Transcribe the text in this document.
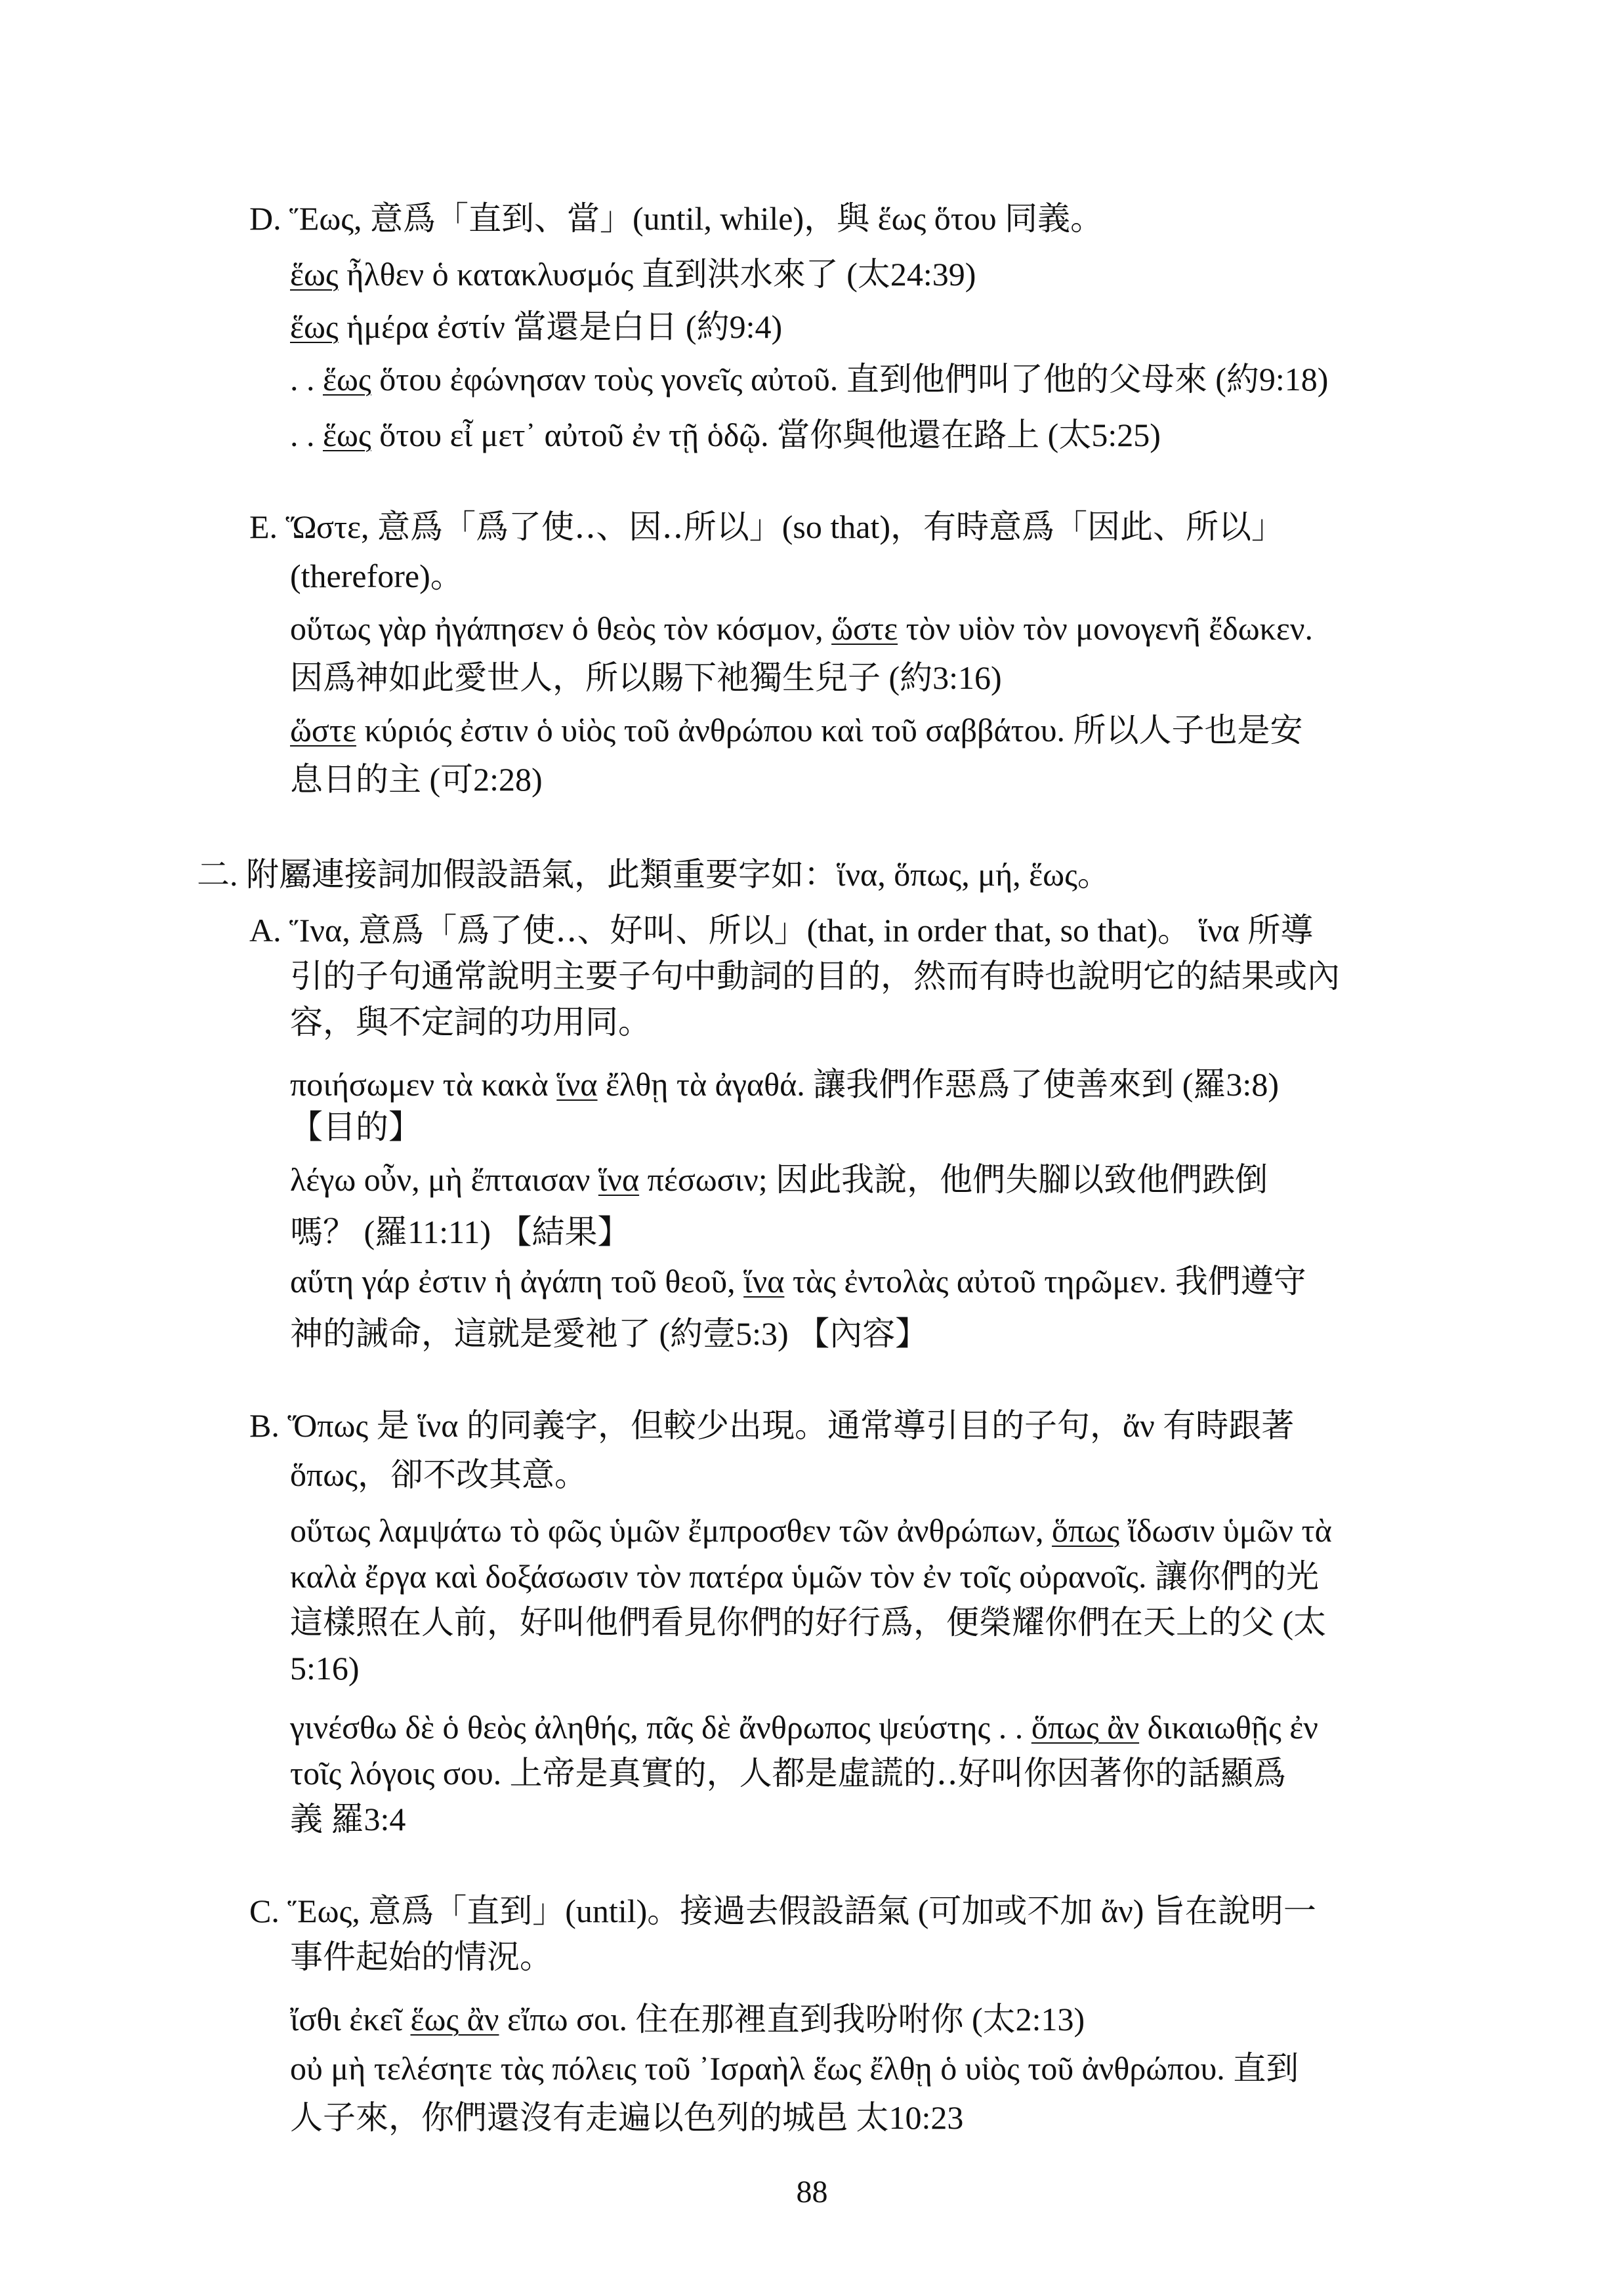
D. Ἕως, 意爲「直到、當」(until, while)，與 ἕως ὅτου 同義。

ἕως ἦλθεν ὁ κατακλυσμός 直到洪水來了 (太24:39)

ἕως ἡμέρα ἐστίν 當還是白日 (約9:4)

. . ἕως ὅτου ἐφώνησαν τοὺς γονεῖς αὐτοῦ. 直到他們叫了他的父母來 (約9:18)

. . ἕως ὅτου εἶ μετ᾽ αὐτοῦ ἐν τῇ ὁδῷ. 當你與他還在路上 (太5:25)

E. Ὥστε, 意爲「爲了使‥、因‥所以」(so that)，有時意爲「因此、所以」

(therefore)。

οὕτως γὰρ ἠγάπησεν ὁ θεὸς τὸν κόσμον, ὥστε τὸν υἱὸν τὸν μονογενῆ ἔδωκεν.

因爲神如此愛世人，所以賜下祂獨生兒子 (約3:16)

ὥστε κύριός ἐστιν ὁ υἱὸς τοῦ ἀνθρώπου καὶ τοῦ σαββάτου. 所以人子也是安

息日的主 (可2:28)

二. 附屬連接詞加假設語氣，此類重要字如：ἵνα, ὅπως, μή, ἕως。

A. Ἵνα, 意爲「爲了使‥、好叫、所以」(that, in order that, so that)。 ἵνα 所導

引的子句通常說明主要子句中動詞的目的，然而有時也說明它的結果或內

容，與不定詞的功用同。

ποιήσωμεν τὰ κακὰ ἵνα ἔλθῃ τὰ ἀγαθά. 讓我們作惡爲了使善來到 (羅3:8)

【目的】

λέγω οὖν, μὴ ἔπταισαν ἵνα πέσωσιν; 因此我說，他們失腳以致他們跌倒

嗎？ (羅11:11) 【結果】

αὕτη γάρ ἐστιν ἡ ἀγάπη τοῦ θεοῦ, ἵνα τὰς ἐντολὰς αὐτοῦ τηρῶμεν. 我們遵守

神的誡命，這就是愛祂了 (約壹5:3) 【內容】

B. Ὅπως 是 ἵνα 的同義字，但較少出現。通常導引目的子句，ἄν 有時跟著

ὅπως，卻不改其意。

οὕτως λαμψάτω τὸ φῶς ὑμῶν ἔμπροσθεν τῶν ἀνθρώπων, ὅπως ἴδωσιν ὑμῶν τὰ

καλὰ ἔργα καὶ δοξάσωσιν τὸν πατέρα ὑμῶν τὸν ἐν τοῖς οὐρανοῖς. 讓你們的光

這樣照在人前，好叫他們看見你們的好行爲，便榮耀你們在天上的父 (太

5:16)

γινέσθω δὲ ὁ θεὸς ἀληθής, πᾶς δὲ ἄνθρωπος ψεύστης . . ὅπως ἂν δικαιωθῇς ἐν

τοῖς λόγοις σου. 上帝是真實的，人都是虛謊的‥好叫你因著你的話顯爲

義 羅3:4

C. Ἕως, 意爲「直到」(until)。接過去假設語氣 (可加或不加 ἄν) 旨在說明一

事件起始的情況。

ἴσθι ἐκεῖ ἕως ἂν εἴπω σοι. 住在那裡直到我吩咐你 (太2:13)

οὐ μὴ τελέσητε τὰς πόλεις τοῦ ᾽Ισραὴλ ἕως ἔλθῃ ὁ υἱὸς τοῦ ἀνθρώπου. 直到

人子來，你們還沒有走遍以色列的城邑 太10:23

88
